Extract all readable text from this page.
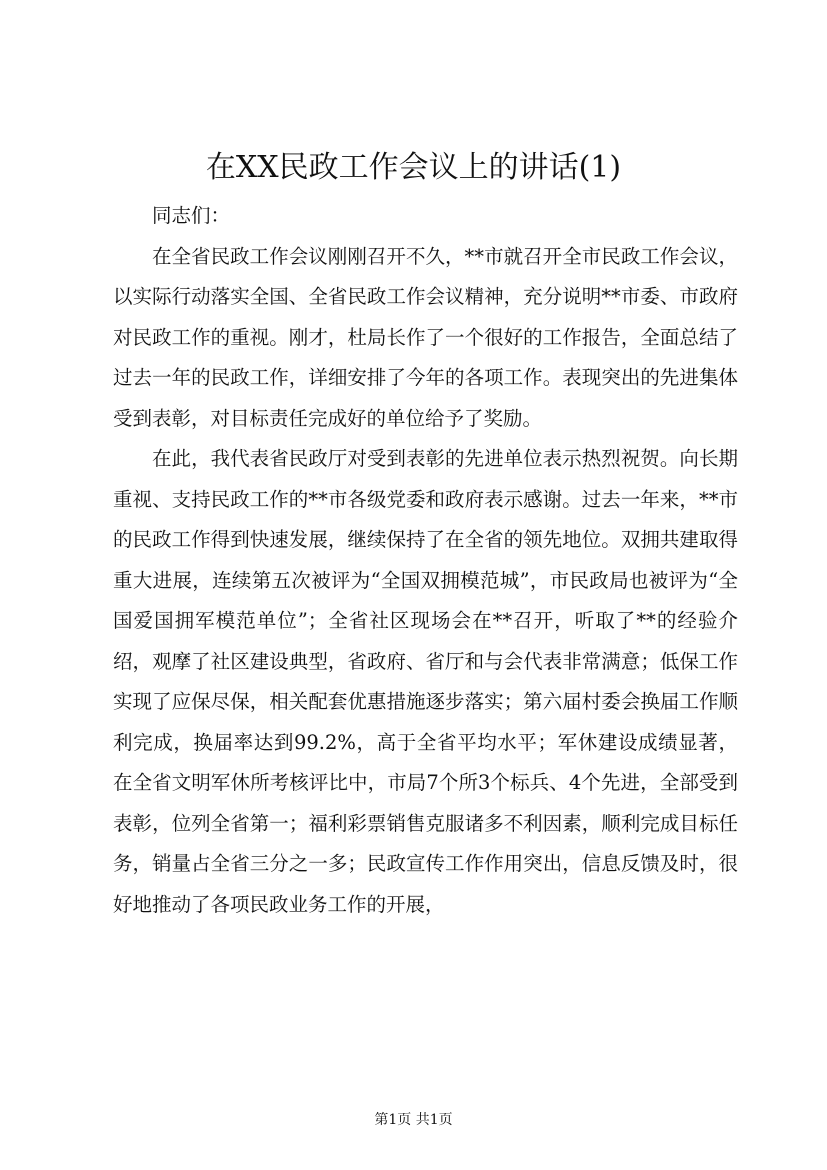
在XX民政工作会议上的讲话(1)

同志们：

在全省民政工作会议刚刚召开不久，**市就召开全市民政工作会议，以实际行动落实全国、全省民政工作会议精神，充分说明**市委、市政府对民政工作的重视。刚才，杜局长作了一个很好的工作报告，全面总结了过去一年的民政工作，详细安排了今年的各项工作。表现突出的先进集体受到表彰，对目标责任完成好的单位给予了奖励。

在此，我代表省民政厅对受到表彰的先进单位表示热烈祝贺。向长期重视、支持民政工作的**市各级党委和政府表示感谢。过去一年来，**市的民政工作得到快速发展，继续保持了在全省的领先地位。双拥共建取得重大进展，连续第五次被评为“全国双拥模范城”，市民政局也被评为“全国爱国拥军模范单位”；全省社区现场会在**召开，听取了**的经验介绍，观摩了社区建设典型，省政府、省厅和与会代表非常满意；低保工作实现了应保尽保，相关配套优惠措施逐步落实；第六届村委会换届工作顺利完成，换届率达到99.2%，高于全省平均水平；军休建设成绩显著，在全省文明军休所考核评比中，市局7个所3个标兵、4个先进，全部受到表彰，位列全省第一；福利彩票销售克服诸多不利因素，顺利完成目标任务，销量占全省三分之一多；民政宣传工作作用突出，信息反馈及时，很好地推动了各项民政业务工作的开展，

第1页 共1页
